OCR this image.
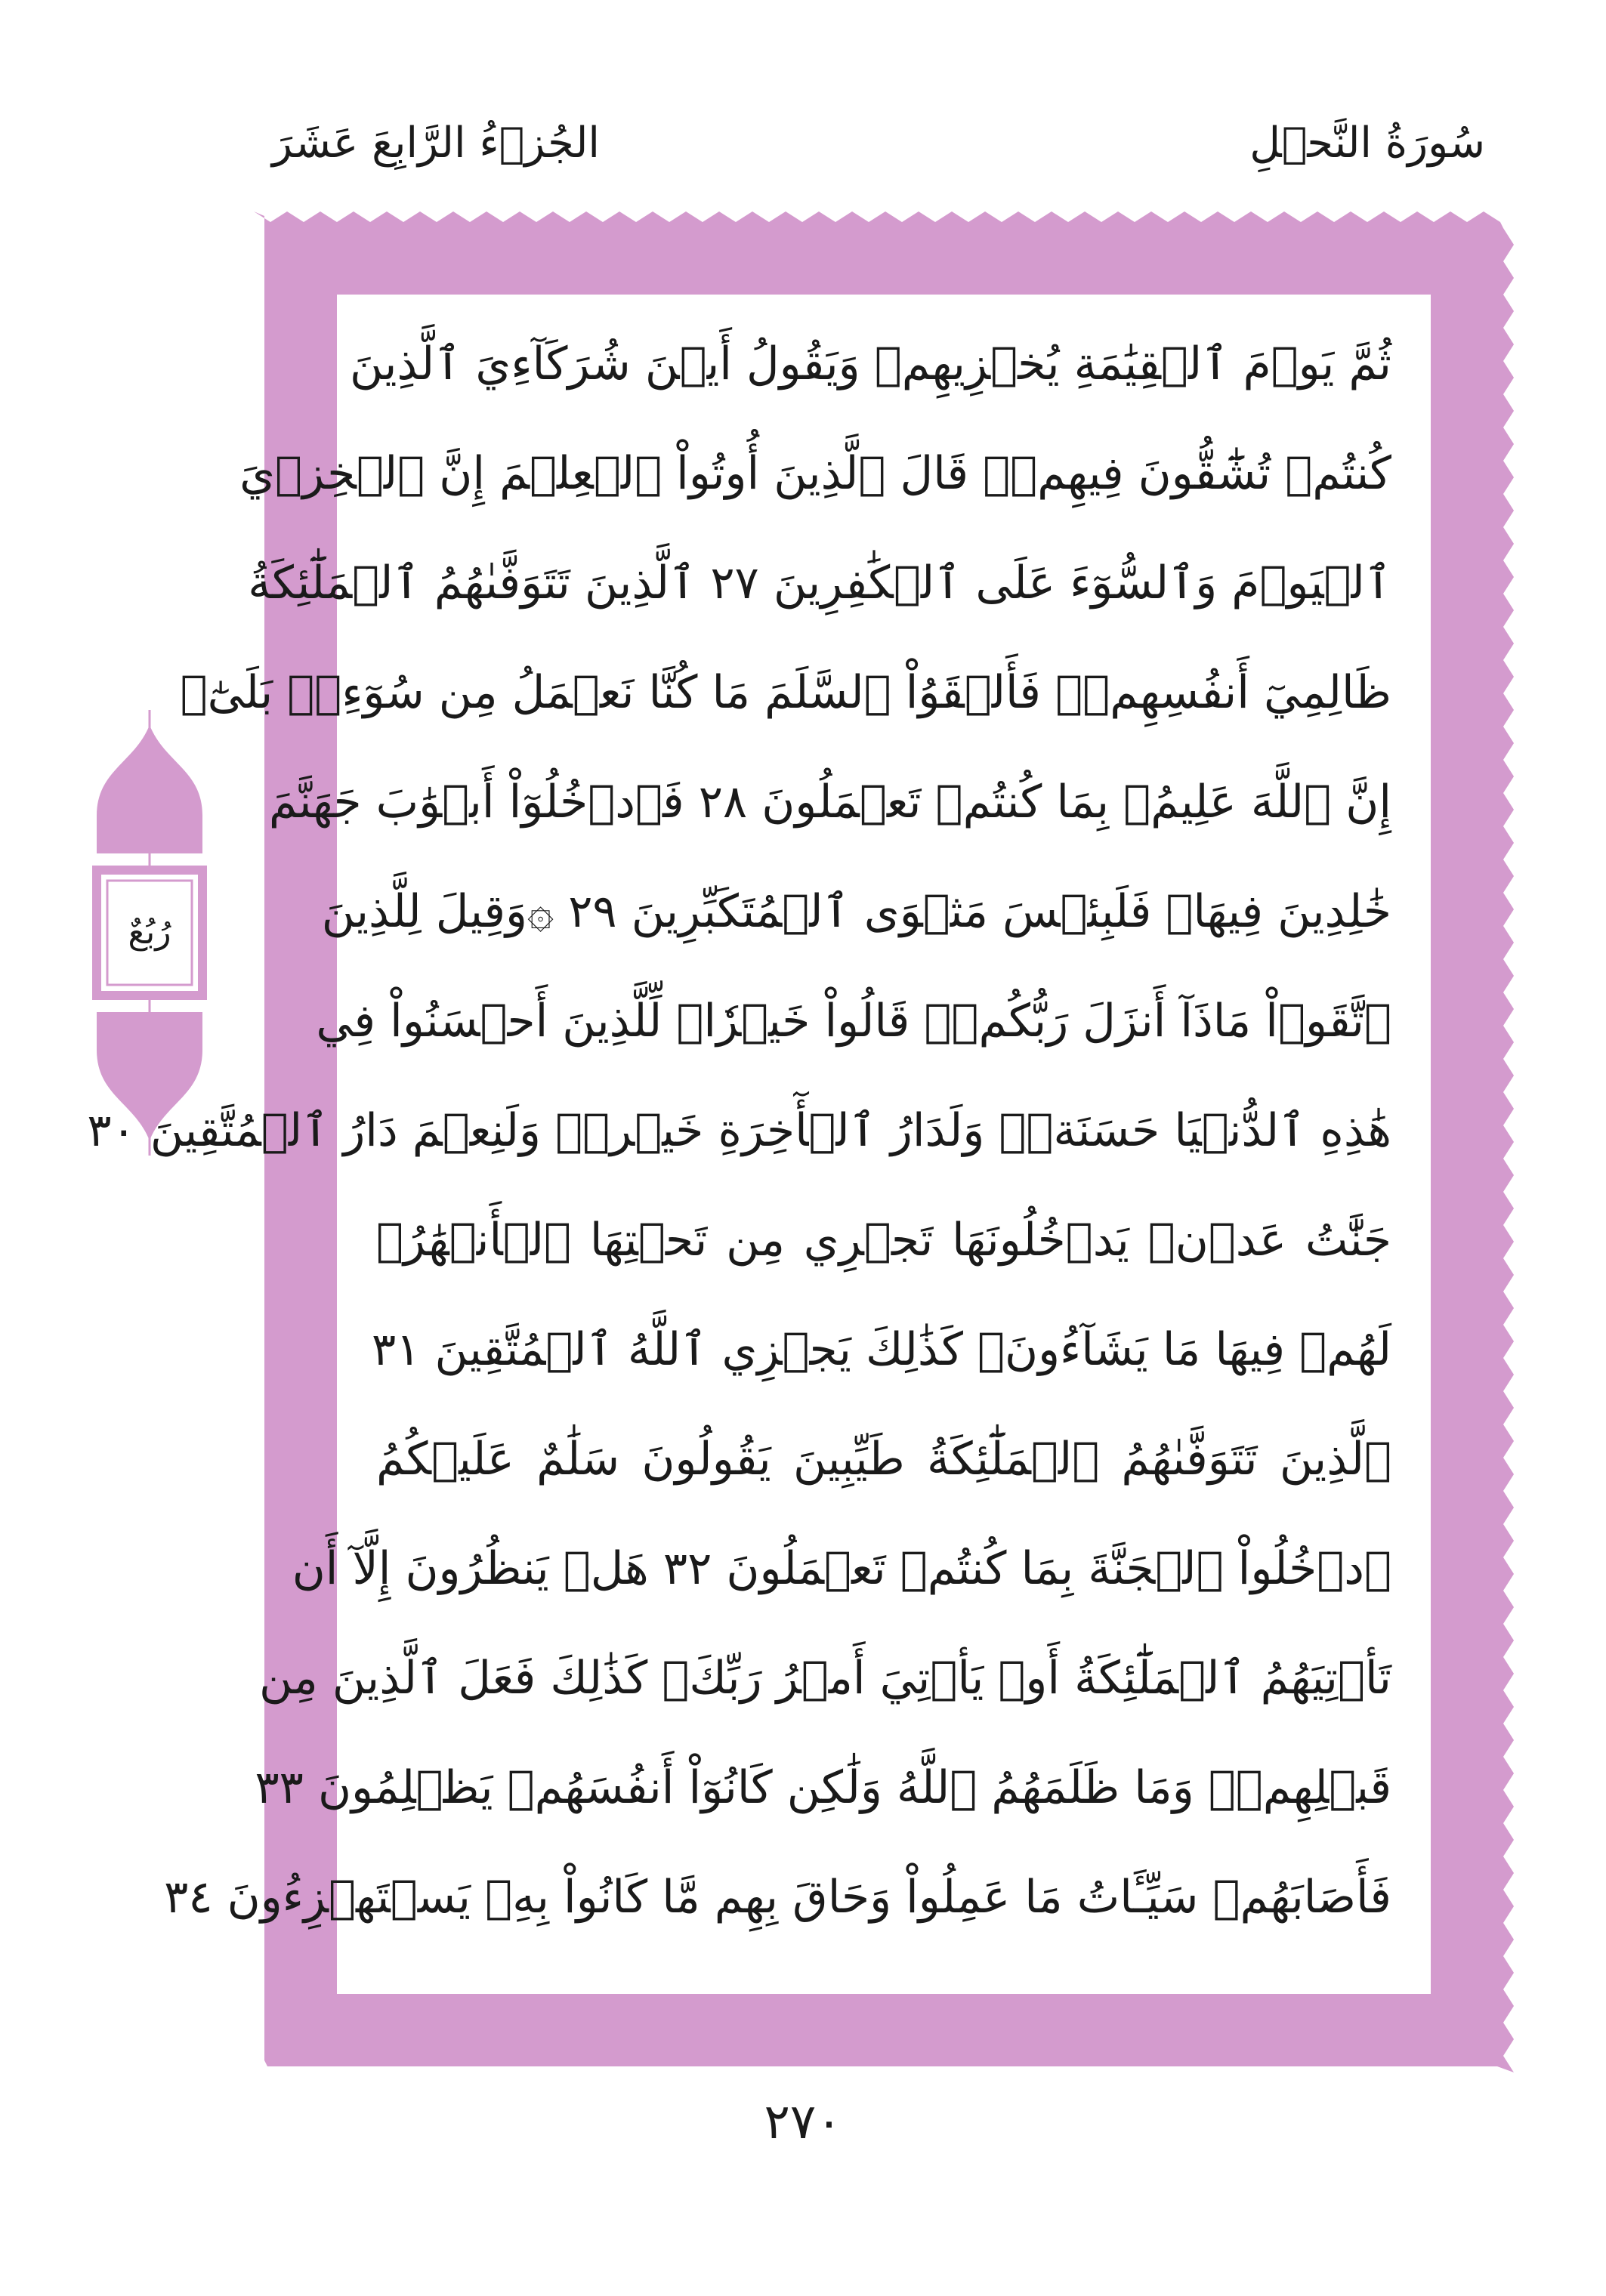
سُورَةُ النَّحۡلِ
الجُزۡءُ الرَّابِعَ عَشَرَ
ثُمَّ يَوۡمَ ٱلۡقِيَٰمَةِ يُخۡزِيهِمۡ وَيَقُولُ أَيۡنَ شُرَكَآءِيَ ٱلَّذِينَ
كُنتُمۡ تُشَٰٓقُّونَ فِيهِمۡۚ قَالَ ٱلَّذِينَ أُوتُواْ ٱلۡعِلۡمَ إِنَّ ٱلۡخِزۡيَ
ٱلۡيَوۡمَ وَٱلسُّوٓءَ عَلَى ٱلۡكَٰفِرِينَ ٢٧ ٱلَّذِينَ تَتَوَفَّىٰهُمُ ٱلۡمَلَٰٓئِكَةُ
ظَالِمِيٓ أَنفُسِهِمۡۖ فَأَلۡقَوُاْ ٱلسَّلَمَ مَا كُنَّا نَعۡمَلُ مِن سُوٓءِۭۚ بَلَىٰٓۚ
إِنَّ ٱللَّهَ عَلِيمُۢ بِمَا كُنتُمۡ تَعۡمَلُونَ ٢٨ فَٱدۡخُلُوٓاْ أَبۡوَٰبَ جَهَنَّمَ
خَٰلِدِينَ فِيهَاۖ فَلَبِئۡسَ مَثۡوَى ٱلۡمُتَكَبِّرِينَ ٢٩ ۞وَقِيلَ لِلَّذِينَ
ٱتَّقَوۡاْ مَاذَآ أَنزَلَ رَبُّكُمۡۚ قَالُواْ خَيۡرٗاۗ لِّلَّذِينَ أَحۡسَنُواْ فِي
هَٰذِهِ ٱلدُّنۡيَا حَسَنَةٞۚ وَلَدَارُ ٱلۡأٓخِرَةِ خَيۡرٞۚ وَلَنِعۡمَ دَارُ ٱلۡمُتَّقِينَ ٣٠
جَنَّٰتُ عَدۡنٖ يَدۡخُلُونَهَا تَجۡرِي مِن تَحۡتِهَا ٱلۡأَنۡهَٰرُۖ
لَهُمۡ فِيهَا مَا يَشَآءُونَۚ كَذَٰلِكَ يَجۡزِي ٱللَّهُ ٱلۡمُتَّقِينَ ٣١
ٱلَّذِينَ تَتَوَفَّىٰهُمُ ٱلۡمَلَٰٓئِكَةُ طَيِّبِينَ يَقُولُونَ سَلَٰمٌ عَلَيۡكُمُ
ٱدۡخُلُواْ ٱلۡجَنَّةَ بِمَا كُنتُمۡ تَعۡمَلُونَ ٣٢ هَلۡ يَنظُرُونَ إِلَّآ أَن
تَأۡتِيَهُمُ ٱلۡمَلَٰٓئِكَةُ أَوۡ يَأۡتِيَ أَمۡرُ رَبِّكَۚ كَذَٰلِكَ فَعَلَ ٱلَّذِينَ مِن
قَبۡلِهِمۡۚ وَمَا ظَلَمَهُمُ ٱللَّهُ وَلَٰكِن كَانُوٓاْ أَنفُسَهُمۡ يَظۡلِمُونَ ٣٣
فَأَصَابَهُمۡ سَيِّـَٔاتُ مَا عَمِلُواْ وَحَاقَ بِهِم مَّا كَانُواْ بِهِۦ يَسۡتَهۡزِءُونَ ٣٤
رُبُعٌ
٢٧٠
